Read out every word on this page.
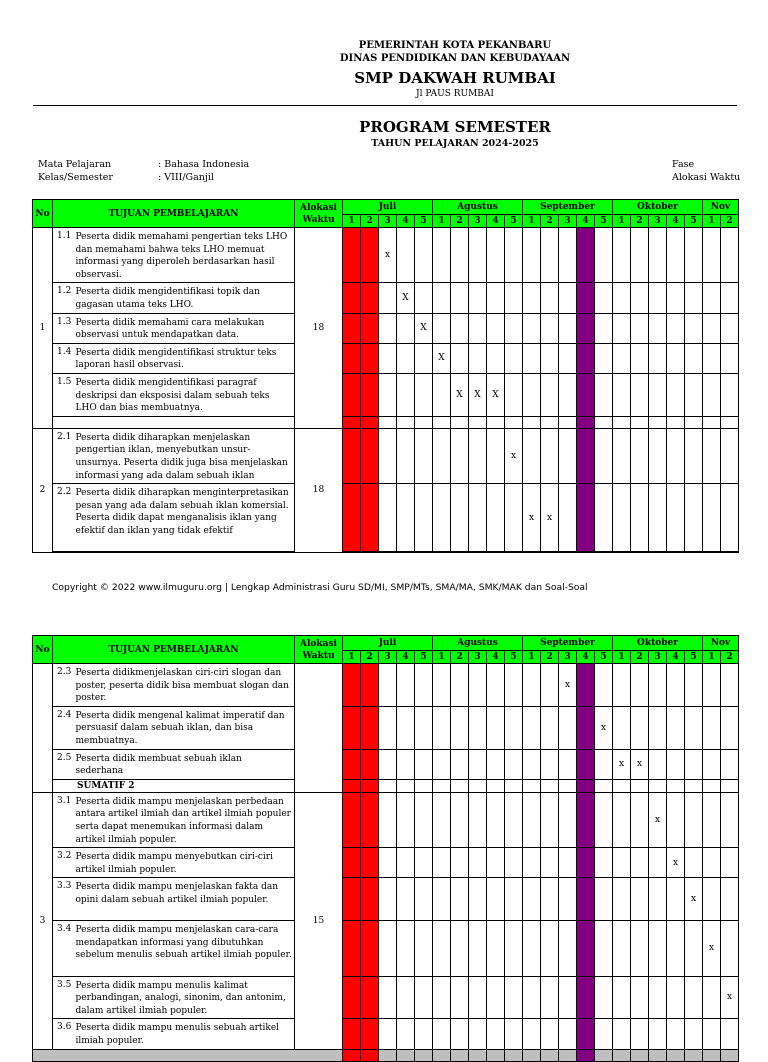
PEMERINTAH KOTA PEKANBARU
DINAS PENDIDIKAN DAN KEBUDAYAAN
SMP DAKWAH RUMBAI
Jl PAUS RUMBAI
PROGRAM SEMESTER
TAHUN PELAJARAN 2024-2025
Mata Pelajaran	: Bahasa Indonesia
Kelas/Semester	: VIII/Ganjil
Fase
Alokasi Waktu
No	TUJUAN PEMBELAJARAN		Alokasi Waktu	Juli					Agustus					September					Oktober					Nov	
				1	2	3	4	5	1	2	3	4	5	1	2	3	4	5	1	2	3	4	5	1	2
1	1.1	Peserta didik memahami pengertian teks LHO dan memahami bahwa teks LHO memuat informasi yang diperoleh berdasarkan hasil observasi.	18			x																			
	1.2	Peserta didik mengidentifikasi topik dan gagasan utama teks LHO.					X																		
	1.3	Peserta didik memahami cara melakukan observasi untuk mendapatkan data.						X																	
	1.4	Peserta didik mengidentifikasi struktur teks laporan hasil observasi.							X																
	1.5	Peserta didik mengidentifikasi paragraf deskripsi dan eksposisi dalam sebuah teks LHO dan bias membuatnya.								X	X	X													

2	2.1	Peserta didik diharapkan menjelaskan pengertian iklan, menyebutkan unsur-unsurnya. Peserta didik juga bisa menjelaskan informasi yang ada dalam sebuah iklan	18										x												
	2.2	Peserta didik diharapkan menginterpretasikan pesan yang ada dalam sebuah iklan komersial. Peserta didik dapat menganalisis iklan yang efektif dan iklan yang tidak efektif												x	x										

Copyright © 2022 www.ilmuguru.org | Lengkap Administrasi Guru SD/MI, SMP/MTs, SMA/MA, SMK/MAK dan Soal-Soal
No	TUJUAN PEMBELAJARAN		Alokasi Waktu	Juli					Agustus					September					Oktober					Nov	
				1	2	3	4	5	1	2	3	4	5	1	2	3	4	5	1	2	3	4	5	1	2
	2.3	Peserta didikmenjelaskan ciri-ciri slogan dan poster, peserta didik bisa membuat slogan dan poster.														x									
	2.4	Peserta didik mengenal kalimat imperatif dan persuasif dalam sebuah iklan, dan bisa membuatnya.																x							
	2.5	Peserta didik membuat sebuah iklan sederhana																	x	x					
	SUMATIF 2																								
3	3.1	Peserta didik mampu menjelaskan perbedaan antara artikel ilmiah dan artikel ilmiah populer serta dapat menemukan informasi dalam artikel ilmiah populer.	15																		x				
	3.2	Peserta didik mampu menyebutkan ciri-ciri artikel ilmiah populer.																				x			
	3.3	Peserta didik mampu menjelaskan fakta dan opini dalam sebuah artikel ilmiah populer.																					x		
	3.4	Peserta didik mampu menjelaskan cara-cara mendapatkan informasi yang dibutuhkan sebelum menulis sebuah artikel ilmiah populer.																						x	
	3.5	Peserta didik mampu menulis kalimat perbandingan, analogi, sinonim, dan antonim, dalam artikel ilmiah populer.																							x
	3.6	Peserta didik mampu menulis sebuah artikel ilmiah populer.																							
